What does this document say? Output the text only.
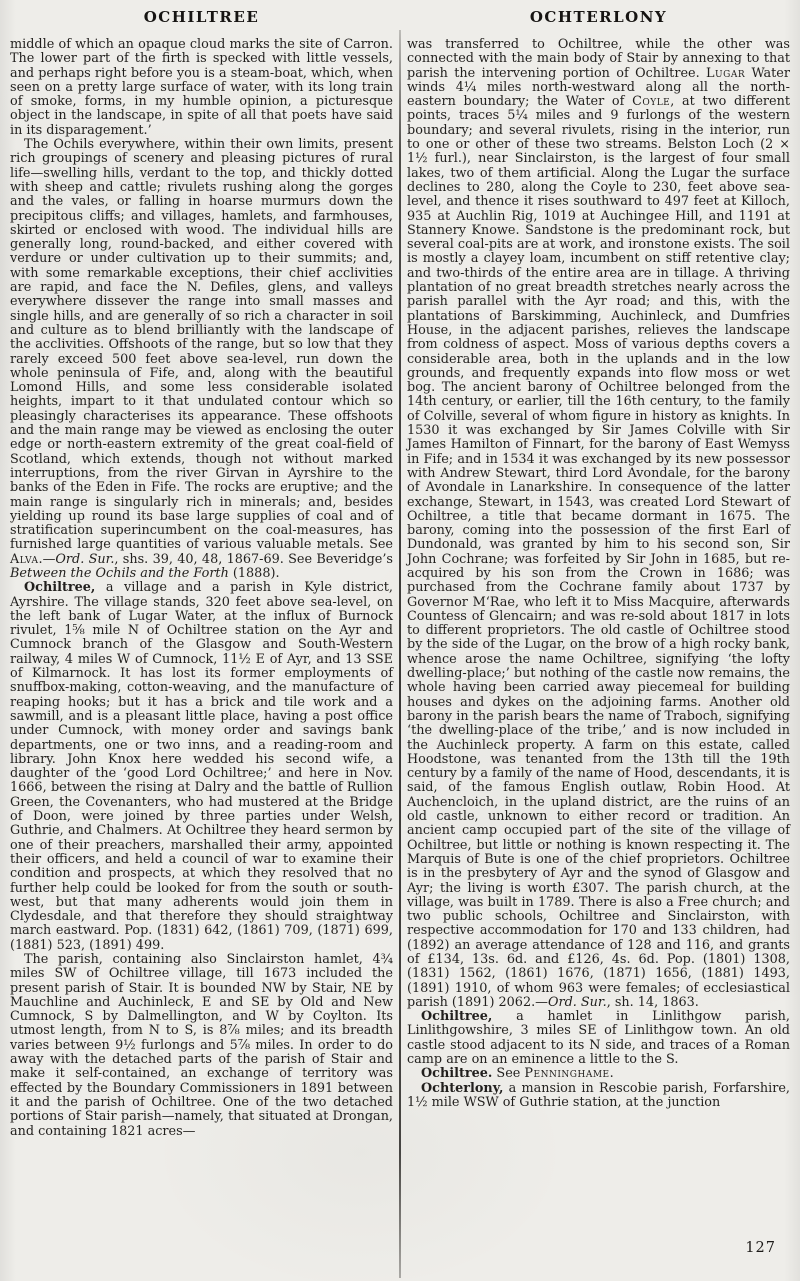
OCHILTREE

middle of which an opaque cloud marks the site of Carron. The lower part of the firth is specked with little vessels, and perhaps right before you is a steam-boat, which, when seen on a pretty large surface of water, with its long train of smoke, forms, in my humble opinion, a picturesque object in the landscape, in spite of all that poets have said in its disparagement.’

The Ochils everywhere, within their own limits, present rich groupings of scenery and pleasing pictures of rural life—swelling hills, verdant to the top, and thickly dotted with sheep and cattle; rivulets rushing along the gorges and the vales, or falling in hoarse murmurs down the precipitous cliffs; and villages, hamlets, and farmhouses, skirted or enclosed with wood. The individual hills are generally long, round-backed, and either covered with verdure or under cultivation up to their summits; and, with some remarkable exceptions, their chief acclivities are rapid, and face the N. Defiles, glens, and valleys everywhere dissever the range into small masses and single hills, and are generally of so rich a character in soil and culture as to blend brilliantly with the landscape of the acclivities. Offshoots of the range, but so low that they rarely exceed 500 feet above sea-level, run down the whole peninsula of Fife, and, along with the beautiful Lomond Hills, and some less considerable isolated heights, impart to it that undulated contour which so pleasingly characterises its appearance. These offshoots and the main range may be viewed as enclosing the outer edge or north-eastern extremity of the great coal-field of Scotland, which extends, though not without marked interruptions, from the river Girvan in Ayrshire to the banks of the Eden in Fife. The rocks are eruptive; and the main range is singularly rich in minerals; and, besides yielding up round its base large supplies of coal and of stratification superincumbent on the coal-measures, has furnished large quantities of various valuable metals. See Alva.—Ord. Sur., shs. 39, 40, 48, 1867-69. See Beveridge’s Between the Ochils and the Forth (1888).

Ochiltree, a village and a parish in Kyle district, Ayrshire. The village stands, 320 feet above sea-level, on the left bank of Lugar Water, at the influx of Burnock rivulet, 1⅝ mile N of Ochiltree station on the Ayr and Cumnock branch of the Glasgow and South-Western railway, 4 miles W of Cumnock, 11½ E of Ayr, and 13 SSE of Kilmarnock. It has lost its former employments of snuffbox-making, cotton-weaving, and the manufacture of reaping hooks; but it has a brick and tile work and a sawmill, and is a pleasant little place, having a post office under Cumnock, with money order and savings bank departments, one or two inns, and a reading-room and library. John Knox here wedded his second wife, a daughter of the ‘good Lord Ochiltree;’ and here in Nov. 1666, between the rising at Dalry and the battle of Rullion Green, the Covenanters, who had mustered at the Bridge of Doon, were joined by three parties under Welsh, Guthrie, and Chalmers. At Ochiltree they heard sermon by one of their preachers, marshalled their army, appointed their officers, and held a council of war to examine their condition and prospects, at which they resolved that no further help could be looked for from the south or south-west, but that many adherents would join them in Clydesdale, and that therefore they should straightway march eastward. Pop. (1831) 642, (1861) 709, (1871) 699, (1881) 523, (1891) 499.

The parish, containing also Sinclairston hamlet, 4¾ miles SW of Ochiltree village, till 1673 included the present parish of Stair. It is bounded NW by Stair, NE by Mauchline and Auchinleck, E and SE by Old and New Cumnock, S by Dalmellington, and W by Coylton. Its utmost length, from N to S, is 8⅞ miles; and its breadth varies between 9½ furlongs and 5⅞ miles. In order to do away with the detached parts of the parish of Stair and make it self-contained, an exchange of territory was effected by the Boundary Commissioners in 1891 between it and the parish of Ochiltree. One of the two detached portions of Stair parish—namely, that situated at Drongan, and containing 1821 acres—

OCHTERLONY

was transferred to Ochiltree, while the other was connected with the main body of Stair by annexing to that parish the intervening portion of Ochiltree. Lugar Water winds 4¼ miles north-westward along all the north-eastern boundary; the Water of Coyle, at two different points, traces 5¼ miles and 9 furlongs of the western boundary; and several rivulets, rising in the interior, run to one or other of these two streams. Belston Loch (2 × 1½ furl.), near Sinclairston, is the largest of four small lakes, two of them artificial. Along the Lugar the surface declines to 280, along the Coyle to 230, feet above sea-level, and thence it rises southward to 497 feet at Killoch, 935 at Auchlin Rig, 1019 at Auchingee Hill, and 1191 at Stannery Knowe. Sandstone is the predominant rock, but several coal-pits are at work, and ironstone exists. The soil is mostly a clayey loam, incumbent on stiff retentive clay; and two-thirds of the entire area are in tillage. A thriving plantation of no great breadth stretches nearly across the parish parallel with the Ayr road; and this, with the plantations of Barskimming, Auchinleck, and Dumfries House, in the adjacent parishes, relieves the landscape from coldness of aspect. Moss of various depths covers a considerable area, both in the uplands and in the low grounds, and frequently expands into flow moss or wet bog. The ancient barony of Ochiltree belonged from the 14th century, or earlier, till the 16th century, to the family of Colville, several of whom figure in history as knights. In 1530 it was exchanged by Sir James Colville with Sir James Hamilton of Finnart, for the barony of East Wemyss in Fife; and in 1534 it was exchanged by its new possessor with Andrew Stewart, third Lord Avondale, for the barony of Avondale in Lanarkshire. In consequence of the latter exchange, Stewart, in 1543, was created Lord Stewart of Ochiltree, a title that became dormant in 1675. The barony, coming into the possession of the first Earl of Dundonald, was granted by him to his second son, Sir John Cochrane; was forfeited by Sir John in 1685, but re-acquired by his son from the Crown in 1686; was purchased from the Cochrane family about 1737 by Governor M‘Rae, who left it to Miss Macquire, afterwards Countess of Glencairn; and was re-sold about 1817 in lots to different proprietors. The old castle of Ochiltree stood by the side of the Lugar, on the brow of a high rocky bank, whence arose the name Ochiltree, signifying ‘the lofty dwelling-place;’ but nothing of the castle now remains, the whole having been carried away piecemeal for building houses and dykes on the adjoining farms. Another old barony in the parish bears the name of Traboch, signifying ‘the dwelling-place of the tribe,’ and is now included in the Auchinleck property. A farm on this estate, called Hoodstone, was tenanted from the 13th till the 19th century by a family of the name of Hood, descendants, it is said, of the famous English outlaw, Robin Hood. At Auchencloich, in the upland district, are the ruins of an old castle, unknown to either record or tradition. An ancient camp occupied part of the site of the village of Ochiltree, but little or nothing is known respecting it. The Marquis of Bute is one of the chief proprietors. Ochiltree is in the presbytery of Ayr and the synod of Glasgow and Ayr; the living is worth £307. The parish church, at the village, was built in 1789. There is also a Free church; and two public schools, Ochiltree and Sinclairston, with respective accommodation for 170 and 133 children, had (1892) an average attendance of 128 and 116, and grants of £134, 13s. 6d. and £126, 4s. 6d. Pop. (1801) 1308, (1831) 1562, (1861) 1676, (1871) 1656, (1881) 1493, (1891) 1910, of whom 963 were females; of ecclesiastical parish (1891) 2062.—Ord. Sur., sh. 14, 1863.

Ochiltree, a hamlet in Linlithgow parish, Linlithgowshire, 3 miles SE of Linlithgow town. An old castle stood adjacent to its N side, and traces of a Roman camp are on an eminence a little to the S.

Ochiltree. See Penninghame.

Ochterlony, a mansion in Rescobie parish, Forfarshire, 1½ mile WSW of Guthrie station, at the junction

127
